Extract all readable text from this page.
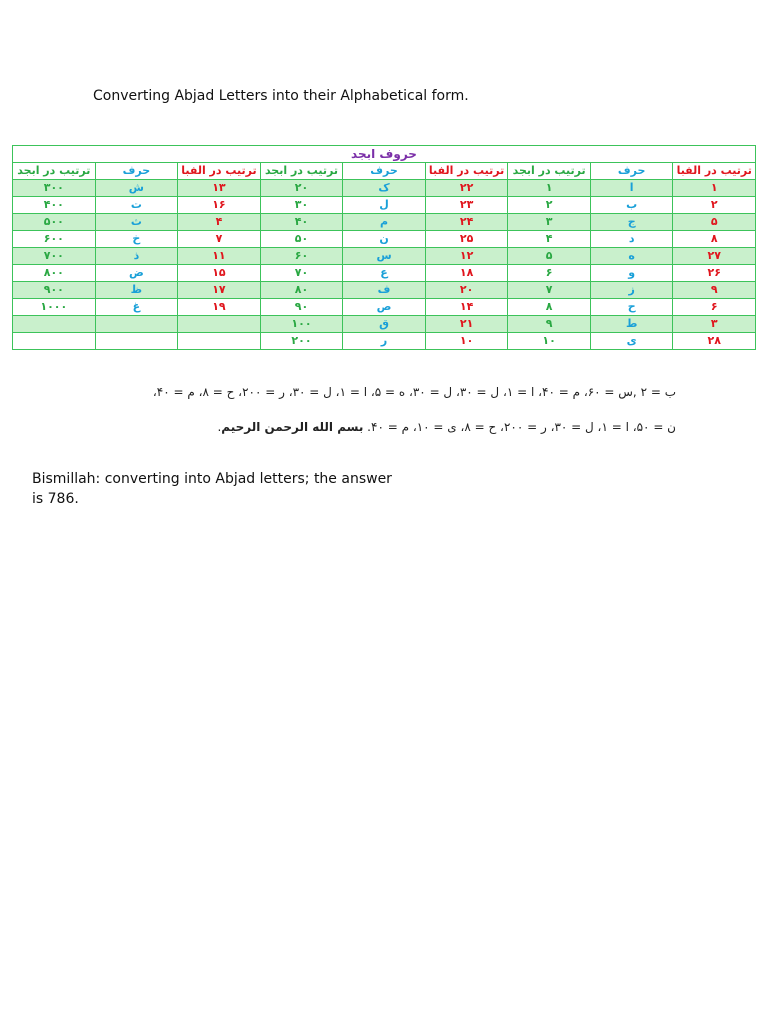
Converting Abjad Letters into their Alphabetical form.
حروف ابجد								
ترتیب در الفبا	حرف	ترتیب در ابجد	ترتیب در الفبا	حرف	ترتیب در ابجد	ترتیب در الفبا	حرف	ترتیب در ابجد
۱	ا	۱	۲۲	ک	۲۰	۱۳	ش	۳۰۰
۲	ب	۲	۲۳	ل	۳۰	۱۶	ت	۴۰۰
۵	ج	۳	۲۴	م	۴۰	۴	ث	۵۰۰
۸	د	۴	۲۵	ن	۵۰	۷	خ	۶۰۰
۲۷	ه	۵	۱۲	س	۶۰	۱۱	ذ	۷۰۰
۲۶	و	۶	۱۸	ع	۷۰	۱۵	ض	۸۰۰
۹	ز	۷	۲۰	ف	۸۰	۱۷	ظ	۹۰۰
۶	ح	۸	۱۴	ص	۹۰	۱۹	غ	۱۰۰۰
۳	ط	۹	۲۱	ق	۱۰۰			
۲۸	ی	۱۰	۱۰	ر	۲۰۰			
ب = ۲ ,س = ۶۰، م = ۴۰، ا = ۱، ل = ۳۰، ل = ۳۰، ه = ۵، ا = ۱، ل = ۳۰، ر = ۲۰۰، ح = ۸، م = ۴۰،
ن = ۵۰، ا = ۱، ل = ۳۰، ر = ۲۰۰، ح = ۸، ی = ۱۰، م = ۴۰. بسم الله الرحمن الرحیم.
Bismillah: converting into Abjad letters; the answer is 786.
